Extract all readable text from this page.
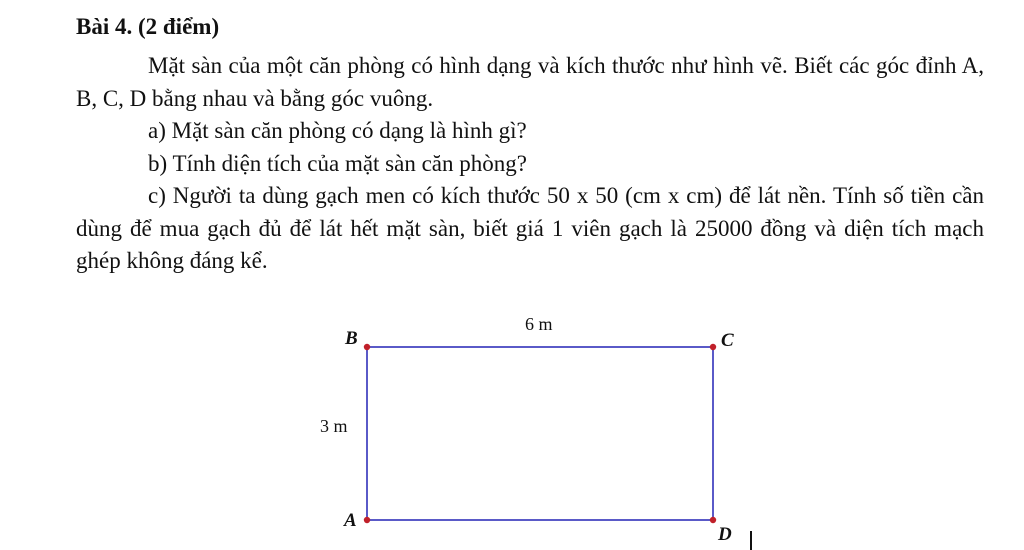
Bài 4. (2 điểm)

Mặt sàn của một căn phòng có hình dạng và kích thước như hình vẽ. Biết các góc đỉnh A, B, C, D bằng nhau và bằng góc vuông.

a) Mặt sàn căn phòng có dạng là hình gì?

b) Tính diện tích của mặt sàn căn phòng?

c) Người ta dùng gạch men có kích thước 50 x 50 (cm x cm) để lát nền. Tính số tiền cần dùng để mua gạch đủ để lát hết mặt sàn, biết giá 1 viên gạch là 25000 đồng và diện tích mạch ghép không đáng kể.

B	C
A
D
6 m
3 m
